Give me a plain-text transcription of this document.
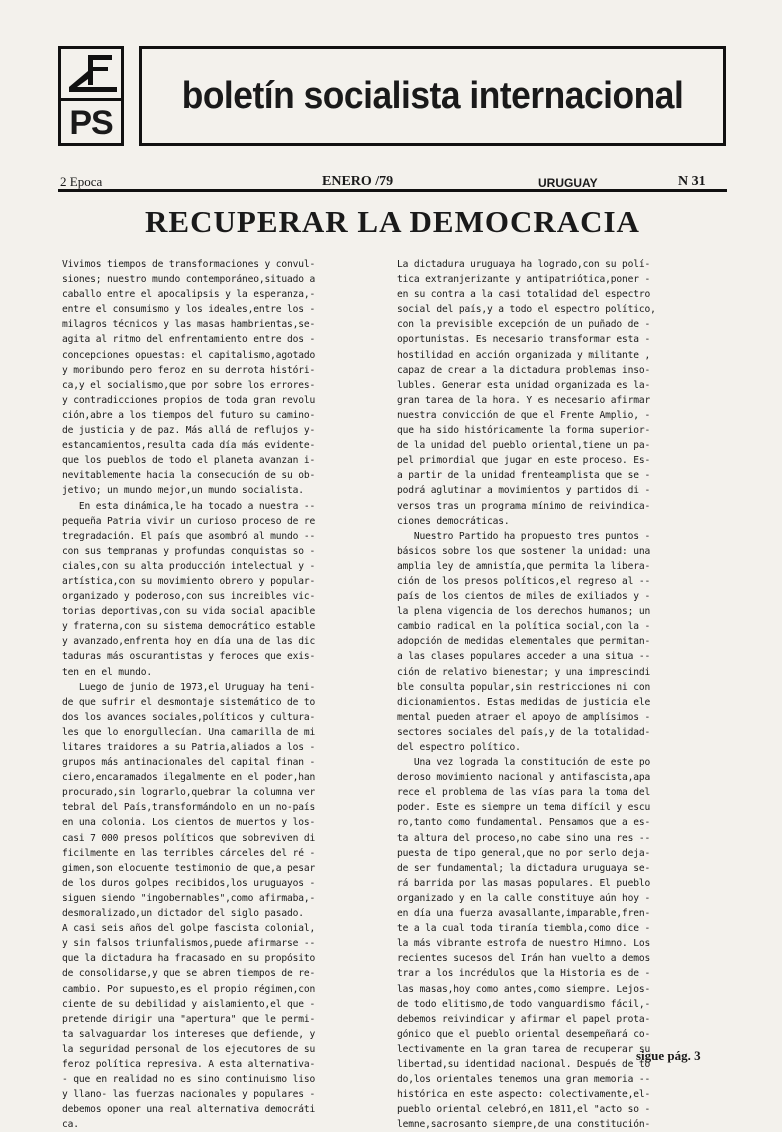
PS
boletín socialista internacional
2 Epoca	ENERO /79	URUGUAY	N 31
RECUPERAR LA DEMOCRACIA
Vivimos tiempos de transformaciones y convul-
siones; nuestro mundo contemporáneo,situado a
caballo entre el apocalipsis y la esperanza,-
entre el consumismo y los ideales,entre los -
milagros técnicos y las masas hambrientas,se-
agita al ritmo del enfrentamiento entre dos -
concepciones opuestas: el capitalismo,agotado
y moribundo pero feroz en su derrota históri-
ca,y el socialismo,que por sobre los errores-
y contradicciones propios de toda gran revolu
ción,abre a los tiempos del futuro su camino-
de justicia y de paz. Más allá de reflujos y-
estancamientos,resulta cada día más evidente-
que los pueblos de todo el planeta avanzan i-
nevitablemente hacia la consecución de su ob-
jetivo; un mundo mejor,un mundo socialista.
En esta dinámica,le ha tocado a nuestra --
pequeña Patria vivir un curioso proceso de re
tregradación. El país que asombró al mundo --
con sus tempranas y profundas conquistas so -
ciales,con su alta producción intelectual y -
artística,con su movimiento obrero y popular-
organizado y poderoso,con sus increibles vic-
torias deportivas,con su vida social apacible
y fraterna,con su sistema democrático estable
y avanzado,enfrenta hoy en día una de las dic
taduras más oscurantistas y feroces que exis-
ten en el mundo.
Luego de junio de 1973,el Uruguay ha teni-
de que sufrir el desmontaje sistemático de to
dos los avances sociales,políticos y cultura-
les que lo enorgullecían. Una camarilla de mi
litares traidores a su Patria,aliados a los -
grupos más antinacionales del capital finan -
ciero,encaramados ilegalmente en el poder,han
procurado,sin lograrlo,quebrar la columna ver
tebral del País,transformándolo en un no-país
en una colonia. Los cientos de muertos y los-
casi 7 000 presos políticos que sobreviven di
ficilmente en las terribles cárceles del ré -
gimen,son elocuente testimonio de que,a pesar
de los duros golpes recibidos,los uruguayos -
siguen siendo "ingobernables",como afirmaba,-
desmoralizado,un dictador del siglo pasado.
A casi seis años del golpe fascista colonial,
y sin falsos triunfalismos,puede afirmarse --
que la dictadura ha fracasado en su propósito
de consolidarse,y que se abren tiempos de re-
cambio. Por supuesto,es el propio régimen,con
ciente de su debilidad y aislamiento,el que -
pretende dirigir una "apertura" que le permi-
ta salvaguardar los intereses que defiende, y
la seguridad personal de los ejecutores de su
feroz política represiva. A esta alternativa-
- que en realidad no es sino continuismo liso
y llano- las fuerzas nacionales y populares -
debemos oponer una real alternativa democráti
ca.
La dictadura uruguaya ha logrado,con su polí-
tica extranjerizante y antipatriótica,poner -
en su contra a la casi totalidad del espectro
social del país,y a todo el espectro político,
con la previsible excepción de un puñado de -
oportunistas. Es necesario transformar esta -
hostilidad en acción organizada y militante ,
capaz de crear a la dictadura problemas inso-
lubles. Generar esta unidad organizada es la-
gran tarea de la hora. Y es necesario afirmar
nuestra convicción de que el Frente Amplio, -
que ha sido históricamente la forma superior-
de la unidad del pueblo oriental,tiene un pa-
pel primordial que jugar en este proceso. Es-
a partir de la unidad frenteamplista que se -
podrá aglutinar a movimientos y partidos di -
versos tras un programa mínimo de reivindica-
ciones democráticas.
Nuestro Partido ha propuesto tres puntos -
básicos sobre los que sostener la unidad: una
amplia ley de amnistía,que permita la libera-
ción de los presos políticos,el regreso al --
país de los cientos de miles de exiliados y -
la plena vigencia de los derechos humanos; un
cambio radical en la política social,con la -
adopción de medidas elementales que permitan-
a las clases populares acceder a una situa --
ción de relativo bienestar; y una imprescindi
ble consulta popular,sin restricciones ni con
dicionamientos. Estas medidas de justicia ele
mental pueden atraer el apoyo de amplísimos -
sectores sociales del país,y de la totalidad-
del espectro político.
Una vez lograda la constitución de este po
deroso movimiento nacional y antifascista,apa
rece el problema de las vías para la toma del
poder. Este es siempre un tema difícil y escu
ro,tanto como fundamental. Pensamos que a es-
ta altura del proceso,no cabe sino una res --
puesta de tipo general,que no por serlo deja-
de ser fundamental; la dictadura uruguaya se-
rá barrida por las masas populares. El pueblo
organizado y en la calle constituye aún hoy -
en día una fuerza avasallante,imparable,fren-
te a la cual toda tiranía tiembla,como dice -
la más vibrante estrofa de nuestro Himno. Los
recientes sucesos del Irán han vuelto a demos
trar a los incrédulos que la Historia es de -
las masas,hoy como antes,como siempre. Lejos-
de todo elitismo,de todo vanguardismo fácil,-
debemos reivindicar y afirmar el papel prota-
gónico que el pueblo oriental desempeñará co-
lectivamente en la gran tarea de recuperar su
libertad,su identidad nacional. Después de to
do,los orientales tenemos una gran memoria --
histórica en este aspecto: colectivamente,el-
pueblo oriental celebró,en 1811,el "acto so -
lemne,sacrosanto siempre,de una constitución-
sigue pág. 3
